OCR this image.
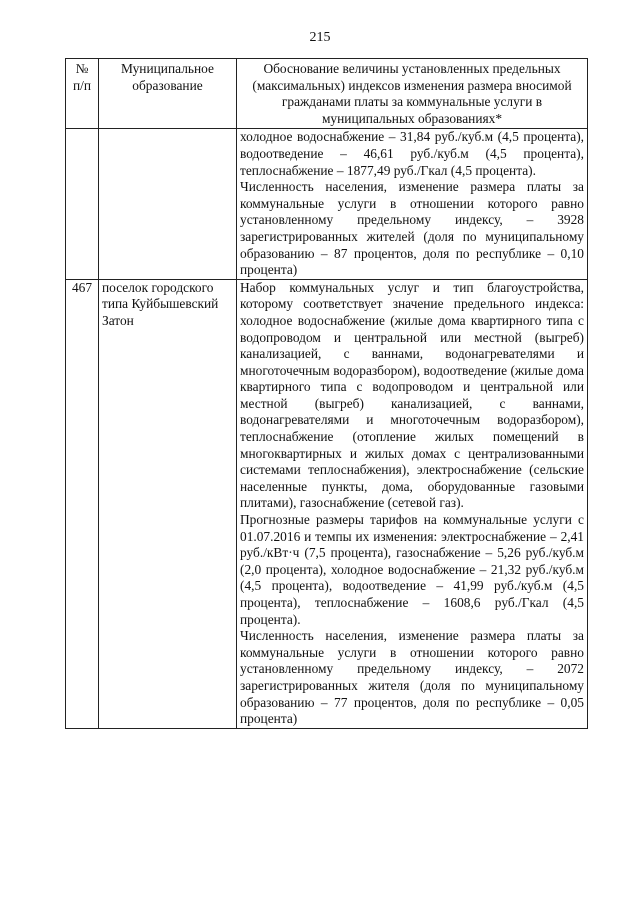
215
№ п/п	Муниципальное образование	Обоснование величины установленных предельных (максимальных) индексов изменения размера вносимой гражданами платы за коммунальные услуги в муниципальных образованиях*

		холодное водоснабжение – 31,84 руб./куб.м (4,5 процента), водоотведение – 46,61 руб./куб.м (4,5 процента), теплоснабжение – 1877,49 руб./Гкал (4,5 процента).

Численность населения, изменение размера платы за коммунальные услуги в отношении которого равно установленному предельному индексу, – 3928 зарегистрированных жителей (доля по муниципальному образованию – 87 процентов, доля по республике – 0,10 процента)

467	поселок городского типа Куйбышевский Затон	Набор коммунальных услуг и тип благоустройства, которому соответствует значение предельного индекса: холодное водоснабжение (жилые дома квартирного типа с водопроводом и центральной или местной (выгреб) канализацией, с ваннами, водонагревателями и многоточечным водоразбором), водоотведение (жилые дома квартирного типа с водопроводом и центральной или местной (выгреб) канализацией, с ваннами, водонагревателями и многоточечным водоразбором), теплоснабжение (отопление жилых помещений в многоквартирных и жилых домах с централизованными системами теплоснабжения), электроснабжение (сельские населенные пункты, дома, оборудованные газовыми плитами), газоснабжение (сетевой газ).

Прогнозные размеры тарифов на коммунальные услуги с 01.07.2016 и темпы их изменения: электроснабжение – 2,41 руб./кВт·ч (7,5 процента), газоснабжение – 5,26 руб./куб.м (2,0 процента), холодное водоснабжение – 21,32 руб./куб.м (4,5 процента), водоотведение – 41,99 руб./куб.м (4,5 процента), теплоснабжение – 1608,6 руб./Гкал (4,5 процента).

Численность населения, изменение размера платы за коммунальные услуги в отношении которого равно установленному предельному индексу, – 2072 зарегистрированных жителя (доля по муниципальному образованию – 77 процентов, доля по республике – 0,05 процента)
